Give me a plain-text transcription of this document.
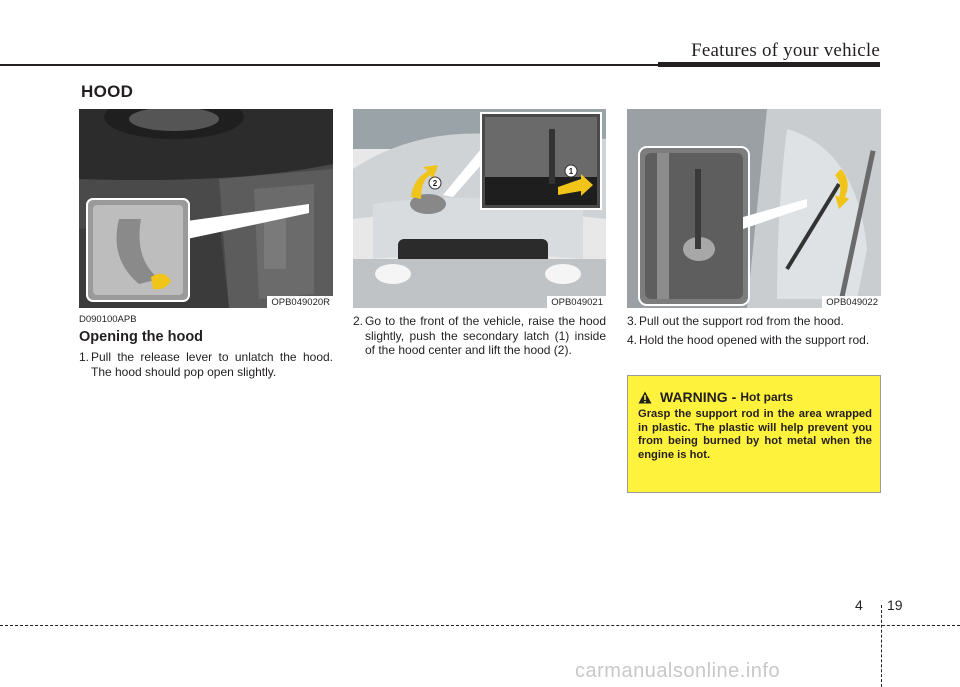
Features of your vehicle
HOOD
OPB049020R
2
1
OPB049021	OPB049022
D090100APB
Opening the hood
1. Pull the release lever to unlatch the hood. The hood should pop open slightly.
2. Go to the front of the vehicle, raise the hood slightly, push the secondary latch (1) inside of the hood center and lift the hood (2).
3. Pull out the support rod from the hood.
4. Hold the hood opened with the support rod.
WARNING - Hot parts
Grasp the support rod in the area wrapped in plastic. The plastic will help prevent you from being burned by hot metal when the engine is hot.
4 19
carmanualsonline.info
